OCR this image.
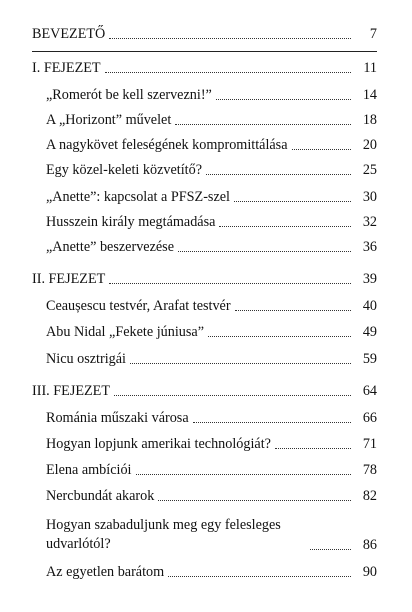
BEVEZETŐ	7
I. FEJEZET	11
„Romerót be kell szervezni!”	14
A „Horizont” művelet	18
A nagykövet feleségének kompromittálása	20
Egy közel-keleti közvetítő?	25
„Anette”: kapcsolat a PFSZ-szel	30
Husszein király megtámadása	32
„Anette” beszervezése	36
II. FEJEZET	39
Ceaușescu testvér, Arafat testvér	40
Abu Nidal „Fekete júniusa”	49
Nicu osztrigái	59
III. FEJEZET	64
Románia műszaki városa	66
Hogyan lopjunk amerikai technológiát?	71
Elena ambíciói	78
Nercbundát akarok	82
Hogyan szabaduljunk meg egy felesleges udvarlótól?	86
Az egyetlen barátom	90
